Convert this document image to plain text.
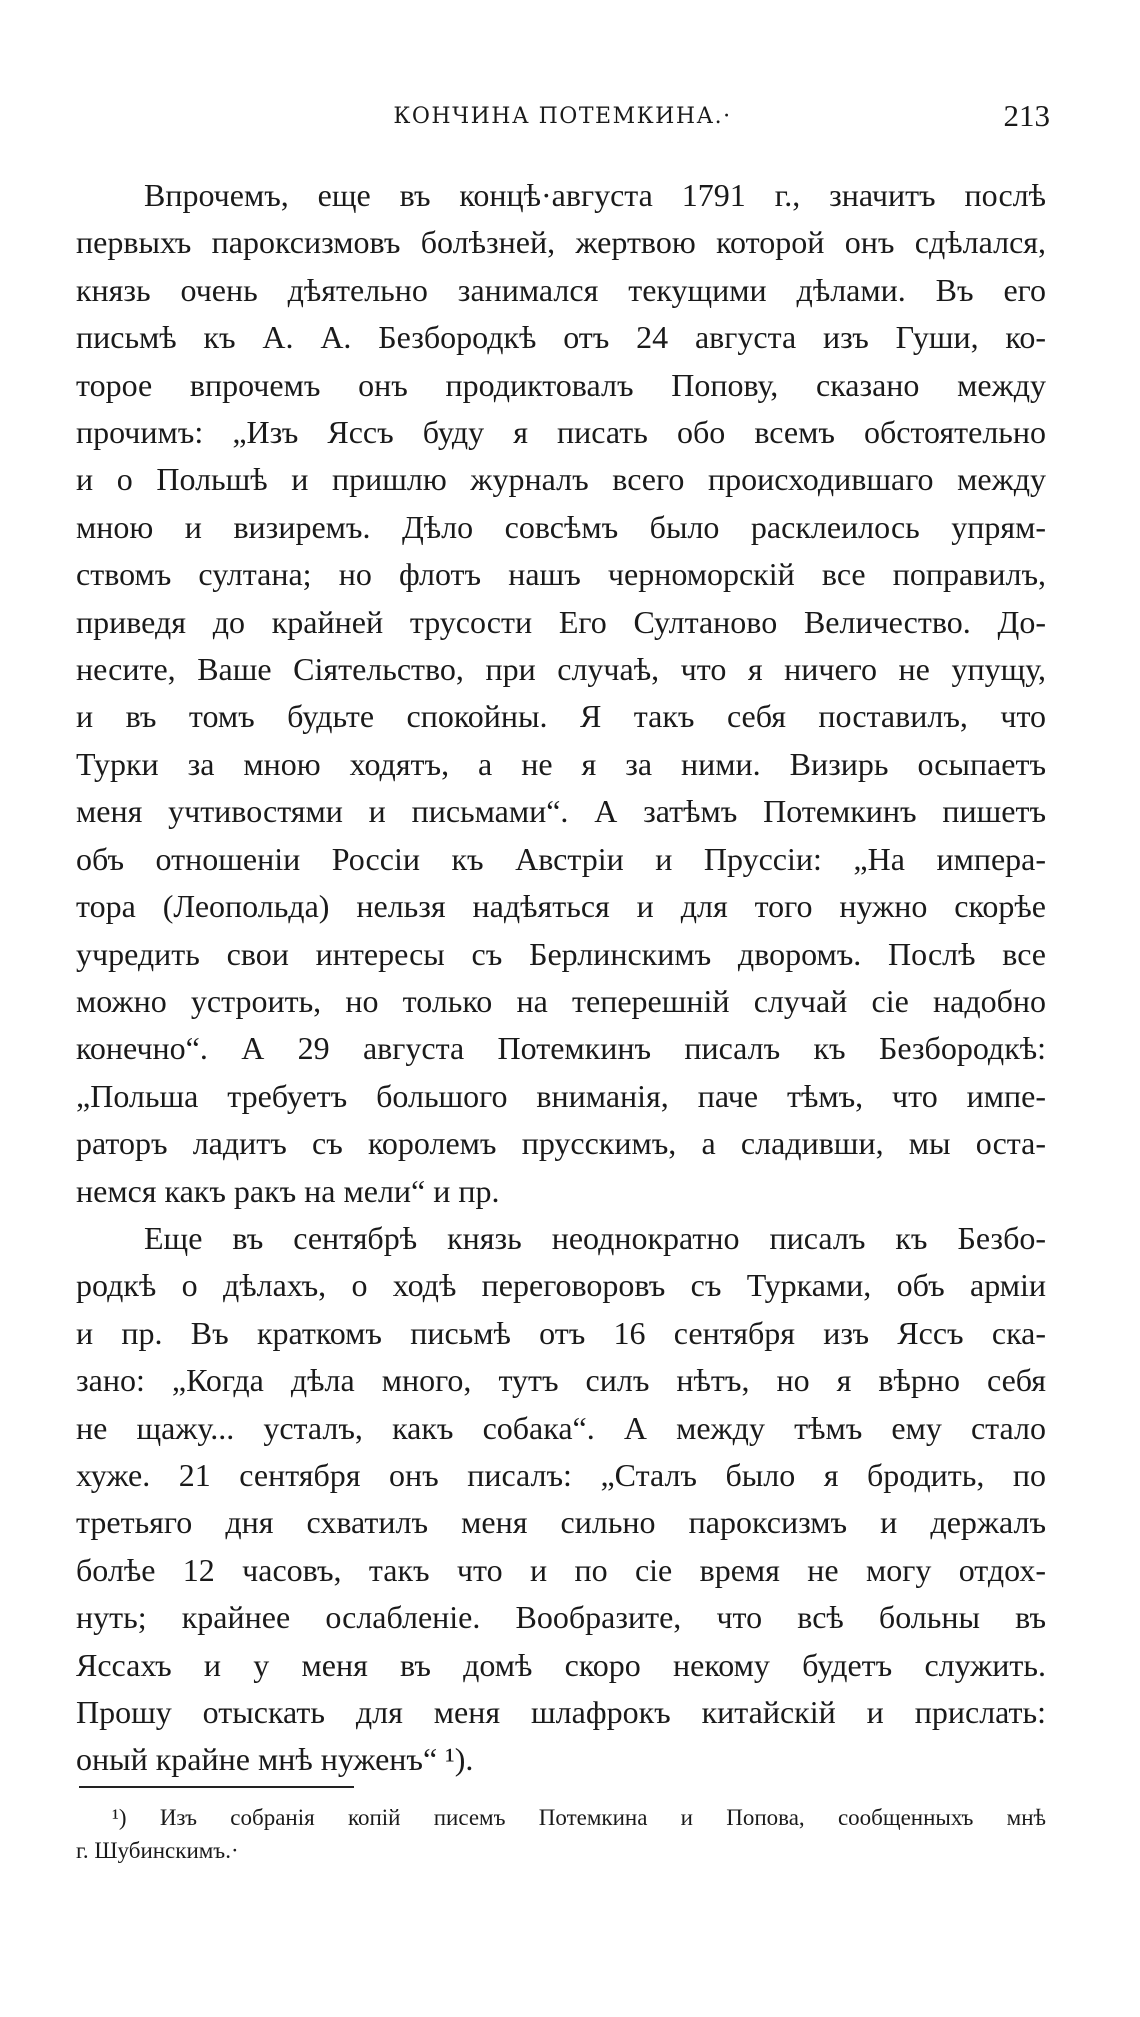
КОНЧИНА ПОТЕМКИНА.·	213
Впрочемъ, еще въ концѣ·августа 1791 г., значитъ послѣ
первыхъ пароксизмовъ болѣзней, жертвою которой онъ сдѣлался,
князь очень дѣятельно занимался текущими дѣлами. Въ его
письмѣ къ А. А. Безбородкѣ отъ 24 августа изъ Гуши, ко-
торое впрочемъ онъ продиктовалъ Попову, сказано между
прочимъ: „Изъ Яссъ буду я писать обо всемъ обстоятельно
и о Польшѣ и пришлю журналъ всего происходившаго между
мною и визиремъ. Дѣло совсѣмъ было расклеилось упрям-
ствомъ султана; но флотъ нашъ черноморскій все поправилъ,
приведя до крайней трусости Его Султаново Величество. До-
несите, Ваше Сіятельство, при случаѣ, что я ничего не упущу,
и въ томъ будьте спокойны. Я такъ себя поставилъ, что
Турки за мною ходятъ, а не я за ними. Визирь осыпаетъ
меня учтивостями и письмами“. А затѣмъ Потемкинъ пишетъ
объ отношеніи Россіи къ Австріи и Пруссіи: „На импера-
тора (Леопольда) нельзя надѣяться и для того нужно скорѣе
учредить свои интересы съ Берлинскимъ дворомъ. Послѣ все
можно устроить, но только на теперешній случай сіе надобно
конечно“. А 29 августа Потемкинъ писалъ къ Безбородкѣ:
„Польша требуетъ большого вниманія, паче тѣмъ, что импе-
раторъ ладитъ съ королемъ прусскимъ, а сладивши, мы оста-
немся какъ ракъ на мели“ и пр.
Еще въ сентябрѣ князь неоднократно писалъ къ Безбо-
родкѣ о дѣлахъ, о ходѣ переговоровъ съ Турками, объ арміи
и пр. Въ краткомъ письмѣ отъ 16 сентября изъ Яссъ ска-
зано: „Когда дѣла много, тутъ силъ нѣтъ, но я вѣрно себя
не щажу... усталъ, какъ собака“. А между тѣмъ ему стало
хуже. 21 сентября онъ писалъ: „Сталъ было я бродить, по
третьяго дня схватилъ меня сильно пароксизмъ и держалъ
болѣе 12 часовъ, такъ что и по сіе время не могу отдох-
нуть; крайнее ослабленіе. Вообразите, что всѣ больны въ
Яссахъ и у меня въ домѣ скоро некому будетъ служить.
Прошу отыскать для меня шлафрокъ китайскій и прислать:
оный крайне мнѣ нуженъ“ ¹).
¹) Изъ собранія копій писемъ Потемкина и Попова, сообщенныхъ мнѣ
г. Шубинскимъ.·
